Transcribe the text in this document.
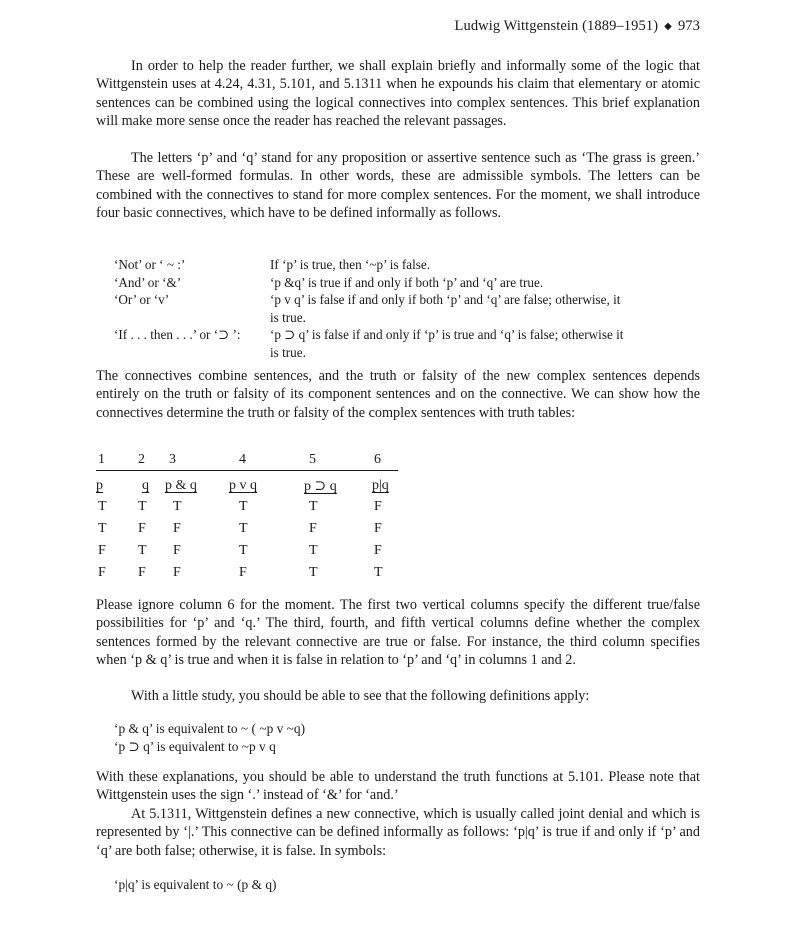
Ludwig Wittgenstein (1889–1951) ◆ 973

In order to help the reader further, we shall explain briefly and informally some of the logic that Wittgenstein uses at 4.24, 4.31, 5.101, and 5.1311 when he expounds his claim that elementary or atomic sentences can be combined using the logical connectives into complex sentences. This brief explanation will make more sense once the reader has reached the relevant passages.

The letters ‘p’ and ‘q’ stand for any proposition or assertive sentence such as ‘The grass is green.’ These are well-formed formulas. In other words, these are admissible symbols. The letters can be combined with the connectives to stand for more complex sentences. For the moment, we shall introduce four basic connectives, which have to be defined informally as follows.

‘Not’ or ‘ ~ :’	If ‘p’ is true, then ‘~p’ is false.
‘And’ or ‘&’	‘p &q’ is true if and only if both ‘p’ and ‘q’ are true.
‘Or’ or ‘v’	‘p v q’ is false if and only if both ‘p’ and ‘q’ are false; otherwise, it
is true.
‘If . . . then . . .’ or ‘⊃ ’:	‘p ⊃ q’ is false if and only if ‘p’ is true and ‘q’ is false; otherwise it
is true.

The connectives combine sentences, and the truth or falsity of the new complex sentences depends entirely on the truth or falsity of its component sentences and on the connective. We can show how the connectives determine the truth or falsity of the complex sentences with truth tables:

1 2 3	4	5	6
p	q p & q p v q	p ⊃ q	p|q
T T T	T	T	F
T F F	T	F	F
F T F	T	T	F
F F F	F	T	T

Please ignore column 6 for the moment. The first two vertical columns specify the different true/false possibilities for ‘p’ and ‘q.’ The third, fourth, and fifth vertical columns define whether the complex sentences formed by the relevant connective are true or false. For instance, the third column specifies when ‘p & q’ is true and when it is false in relation to ‘p’ and ‘q’ in columns 1 and 2.

With a little study, you should be able to see that the following definitions apply:

‘p & q’ is equivalent to ~ ( ~p v ~q)
‘p ⊃ q’ is equivalent to ~p v q

With these explanations, you should be able to understand the truth functions at 5.101. Please note that Wittgenstein uses the sign ‘.’ instead of ‘&’ for ‘and.’

At 5.1311, Wittgenstein defines a new connective, which is usually called joint denial and which is represented by ‘|.’ This connective can be defined informally as follows: ‘p|q’ is true if and only if ‘p’ and ‘q’ are both false; otherwise, it is false. In symbols:

‘p|q’ is equivalent to ~ (p & q)
